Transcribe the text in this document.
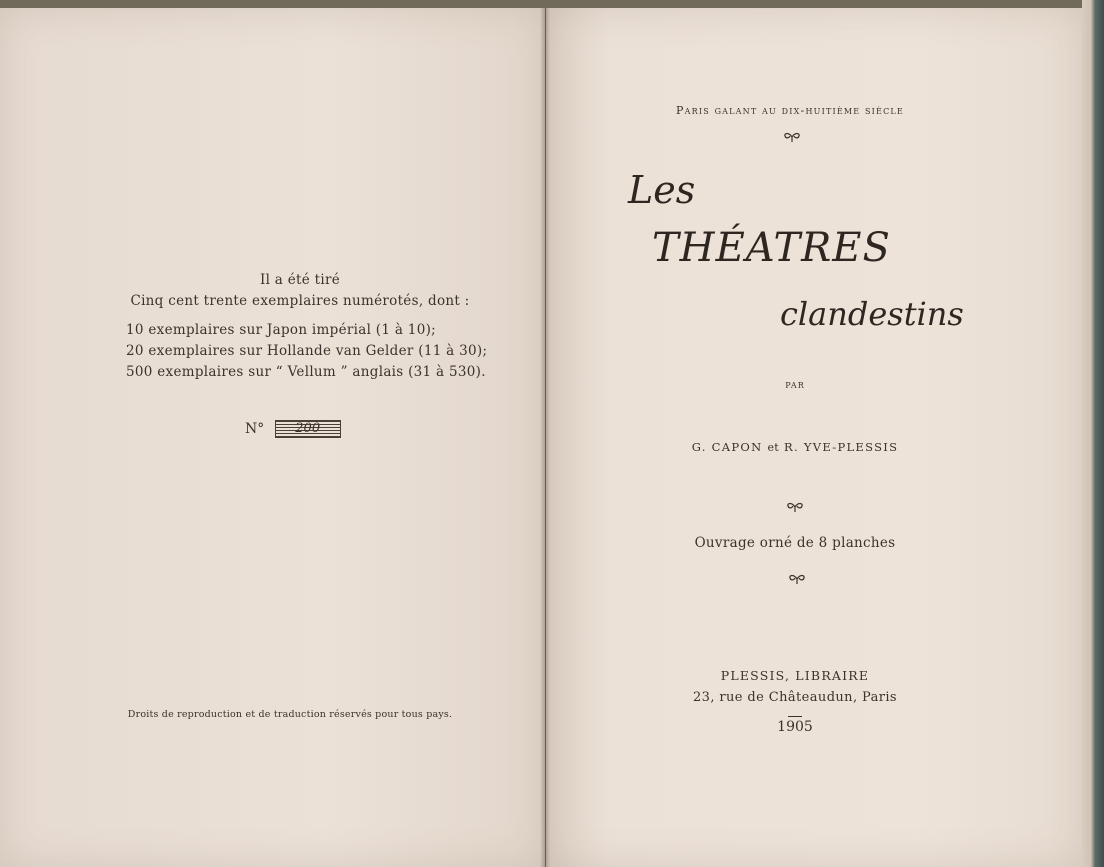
Il a été tiré
Cinq cent trente exemplaires numérotés, dont :
10 exemplaires sur Japon impérial (1 à 10);
20 exemplaires sur Hollande van Gelder (11 à 30);
500 exemplaires sur “ Vellum ” anglais (31 à 530).
N° 200
Droits de reproduction et de traduction réservés pour tous pays.
Paris galant au dix-huitième siècle
Les
THÉATRES
clandestins
PAR
G. CAPON et R. YVE-PLESSIS
Ouvrage orné de 8 planches
PLESSIS, LIBRAIRE
23, rue de Châteaudun, Paris
1905
